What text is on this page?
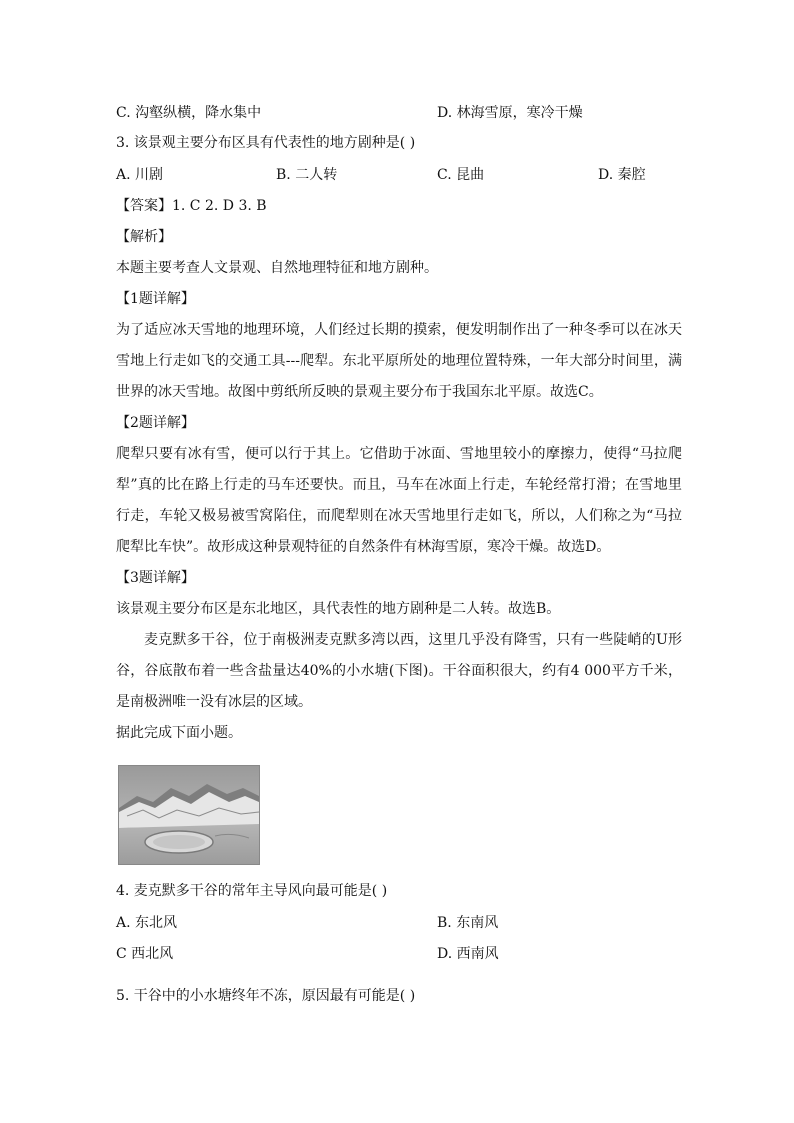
C. 沟壑纵横，降水集中	D. 林海雪原，寒冷干燥
3. 该景观主要分布区具有代表性的地方剧种是( )
A. 川剧	B. 二人转	C. 昆曲	D. 秦腔
【答案】1. C 2. D 3. B
【解析】
本题主要考查人文景观、自然地理特征和地方剧种。
【1题详解】
为了适应冰天雪地的地理环境，人们经过长期的摸索，便发明制作出了一种冬季可以在冰天雪地上行走如飞的交通工具---爬犁。东北平原所处的地理位置特殊，一年大部分时间里，满世界的冰天雪地。故图中剪纸所反映的景观主要分布于我国东北平原。故选C。
【2题详解】
爬犁只要有冰有雪，便可以行于其上。它借助于冰面、雪地里较小的摩擦力，使得“马拉爬犁”真的比在路上行走的马车还要快。而且，马车在冰面上行走，车轮经常打滑；在雪地里行走，车轮又极易被雪窝陷住，而爬犁则在冰天雪地里行走如飞，所以，人们称之为“马拉爬犁比车快”。故形成这种景观特征的自然条件有林海雪原，寒冷干燥。故选D。
【3题详解】
该景观主要分布区是东北地区，具代表性的地方剧种是二人转。故选B。
麦克默多干谷，位于南极洲麦克默多湾以西，这里几乎没有降雪，只有一些陡峭的U形谷，谷底散布着一些含盐量达40%的小水塘(下图)。干谷面积很大，约有4 000平方千米，是南极洲唯一没有冰层的区域。
据此完成下面小题。
4. 麦克默多干谷的常年主导风向最可能是( )
A. 东北风	B. 东南风
C 西北风	D. 西南风
5. 干谷中的小水塘终年不冻，原因最有可能是( )
